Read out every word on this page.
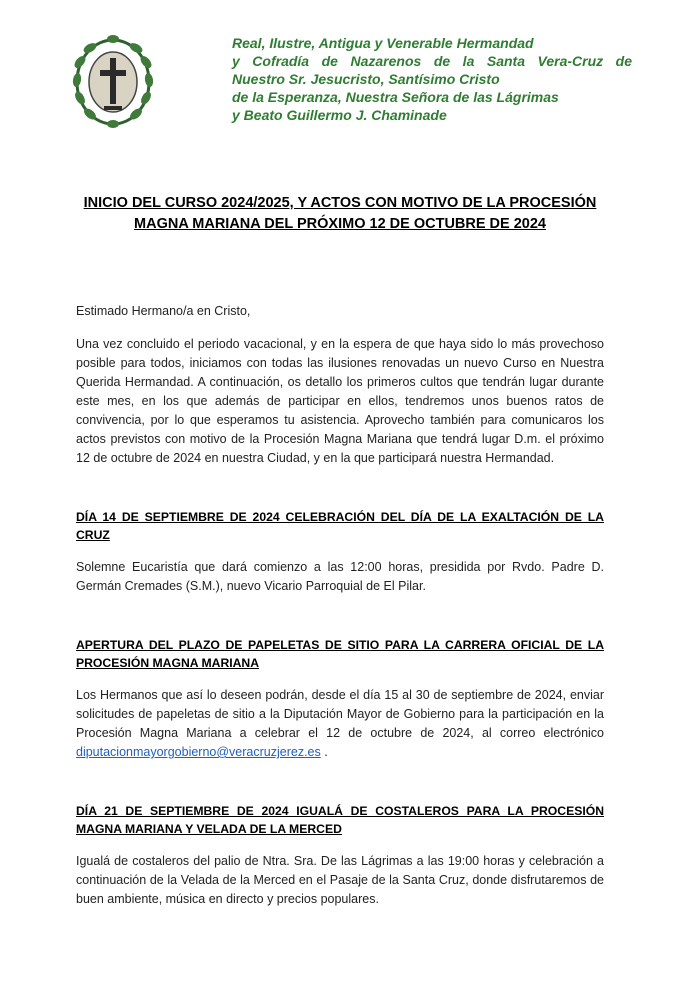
Real, Ilustre, Antigua y Venerable Hermandad
y Cofradía de Nazarenos de la Santa Vera-Cruz de
Nuestro Sr. Jesucristo, Santísimo Cristo
de la Esperanza, Nuestra Señora de las Lágrimas
y Beato Guillermo J. Chaminade
INICIO DEL CURSO 2024/2025, Y ACTOS CON MOTIVO DE LA PROCESIÓN MAGNA MARIANA DEL PRÓXIMO 12 DE OCTUBRE DE 2024

Estimado Hermano/a en Cristo,

Una vez concluido el periodo vacacional, y en la espera de que haya sido lo más provechoso posible para todos, iniciamos con todas las ilusiones renovadas un nuevo Curso en Nuestra Querida Hermandad. A continuación, os detallo los primeros cultos que tendrán lugar durante este mes, en los que además de participar en ellos, tendremos unos buenos ratos de convivencia, por lo que esperamos tu asistencia. Aprovecho también para comunicaros los actos previstos con motivo de la Procesión Magna Mariana que tendrá lugar D.m. el próximo 12 de octubre de 2024 en nuestra Ciudad, y en la que participará nuestra Hermandad.

DÍA 14 DE SEPTIEMBRE DE 2024 CELEBRACIÓN DEL DÍA DE LA EXALTACIÓN DE LA CRUZ

Solemne Eucaristía que dará comienzo a las 12:00 horas, presidida por Rvdo. Padre D. Germán Cremades (S.M.), nuevo Vicario Parroquial de El Pilar.

APERTURA DEL PLAZO DE PAPELETAS DE SITIO PARA LA CARRERA OFICIAL DE LA PROCESIÓN MAGNA MARIANA

Los Hermanos que así lo deseen podrán, desde el día 15 al 30 de septiembre de 2024, enviar solicitudes de papeletas de sitio a la Diputación Mayor de Gobierno para la participación en la Procesión Magna Mariana a celebrar el 12 de octubre de 2024, al correo electrónico diputacionmayorgobierno@veracruzjerez.es .

DÍA 21 DE SEPTIEMBRE DE 2024 IGUALÁ DE COSTALEROS PARA LA PROCESIÓN MAGNA MARIANA Y VELADA DE LA MERCED

Igualá de costaleros del palio de Ntra. Sra. De las Lágrimas a las 19:00 horas y celebración a continuación de la Velada de la Merced en el Pasaje de la Santa Cruz, donde disfrutaremos de buen ambiente, música en directo y precios populares.
